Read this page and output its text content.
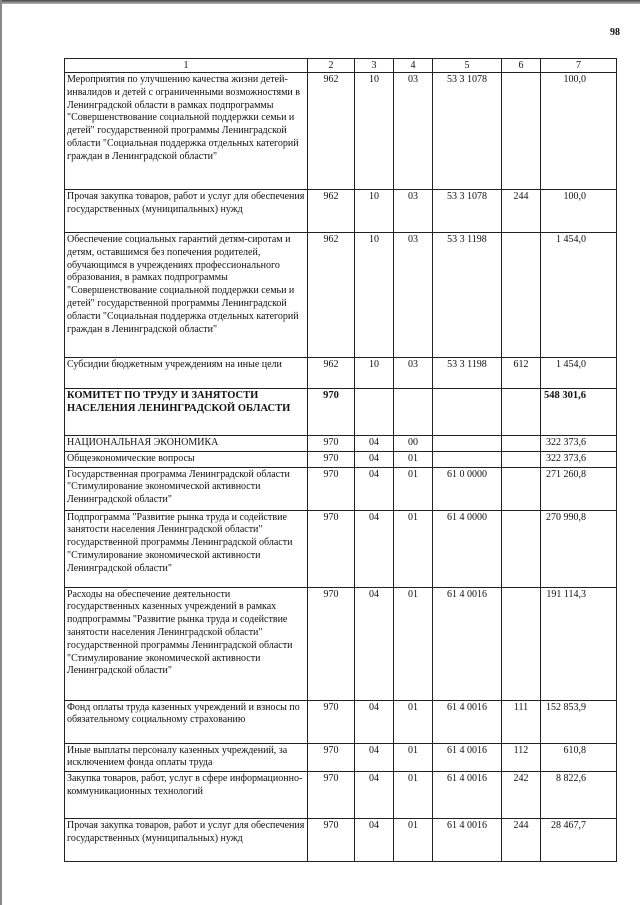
98
1	2	3	4	5	6	7
Мероприятия по улучшению качества жизни детей-инвалидов и детей с ограниченными возможностями в Ленинградской области в рамках подпрограммы "Совершенствование социальной поддержки семьи и детей" государственной программы Ленинградской области "Социальная поддержка отдельных категорий граждан в Ленинградской области"	962	10	03	53 3 1078		100,0
Прочая закупка товаров, работ и услуг для обеспечения государственных (муниципальных) нужд	962	10	03	53 3 1078	244	100,0
Обеспечение социальных гарантий детям-сиротам и детям, оставшимся без попечения родителей, обучающимся в учреждениях профессионального образования, в рамках подпрограммы "Совершенствование социальной поддержки семьи и детей" государственной программы Ленинградской области "Социальная поддержка отдельных категорий граждан в Ленинградской области"	962	10	03	53 3 1198		1 454,0
Субсидии бюджетным учреждениям на иные цели	962	10	03	53 3 1198	612	1 454,0
КОМИТЕТ ПО ТРУДУ И ЗАНЯТОСТИ НАСЕЛЕНИЯ ЛЕНИНГРАДСКОЙ ОБЛАСТИ	970					548 301,6
НАЦИОНАЛЬНАЯ ЭКОНОМИКА	970	04	00			322 373,6
Общеэкономические вопросы	970	04	01			322 373,6
Государственная программа Ленинградской области "Стимулирование экономической активности Ленинградской области"	970	04	01	61 0 0000		271 260,8
Подпрограмма "Развитие рынка труда и содействие занятости населения Ленинградской области" государственной программы Ленинградской области "Стимулирование экономической активности Ленинградской области"	970	04	01	61 4 0000		270 990,8
Расходы на обеспечение деятельности государственных казенных учреждений в рамках подпрограммы "Развитие рынка труда и содействие занятости населения Ленинградской области" государственной программы Ленинградской области "Стимулирование экономической активности Ленинградской области"	970	04	01	61 4 0016		191 114,3
Фонд оплаты труда казенных учреждений и взносы по обязательному социальному страхованию	970	04	01	61 4 0016	111	152 853,9
Иные выплаты персоналу казенных учреждений, за исключением фонда оплаты труда	970	04	01	61 4 0016	112	610,8
Закупка товаров, работ, услуг в сфере информационно-коммуникационных технологий	970	04	01	61 4 0016	242	8 822,6
Прочая закупка товаров, работ и услуг для обеспечения государственных (муниципальных) нужд	970	04	01	61 4 0016	244	28 467,7
